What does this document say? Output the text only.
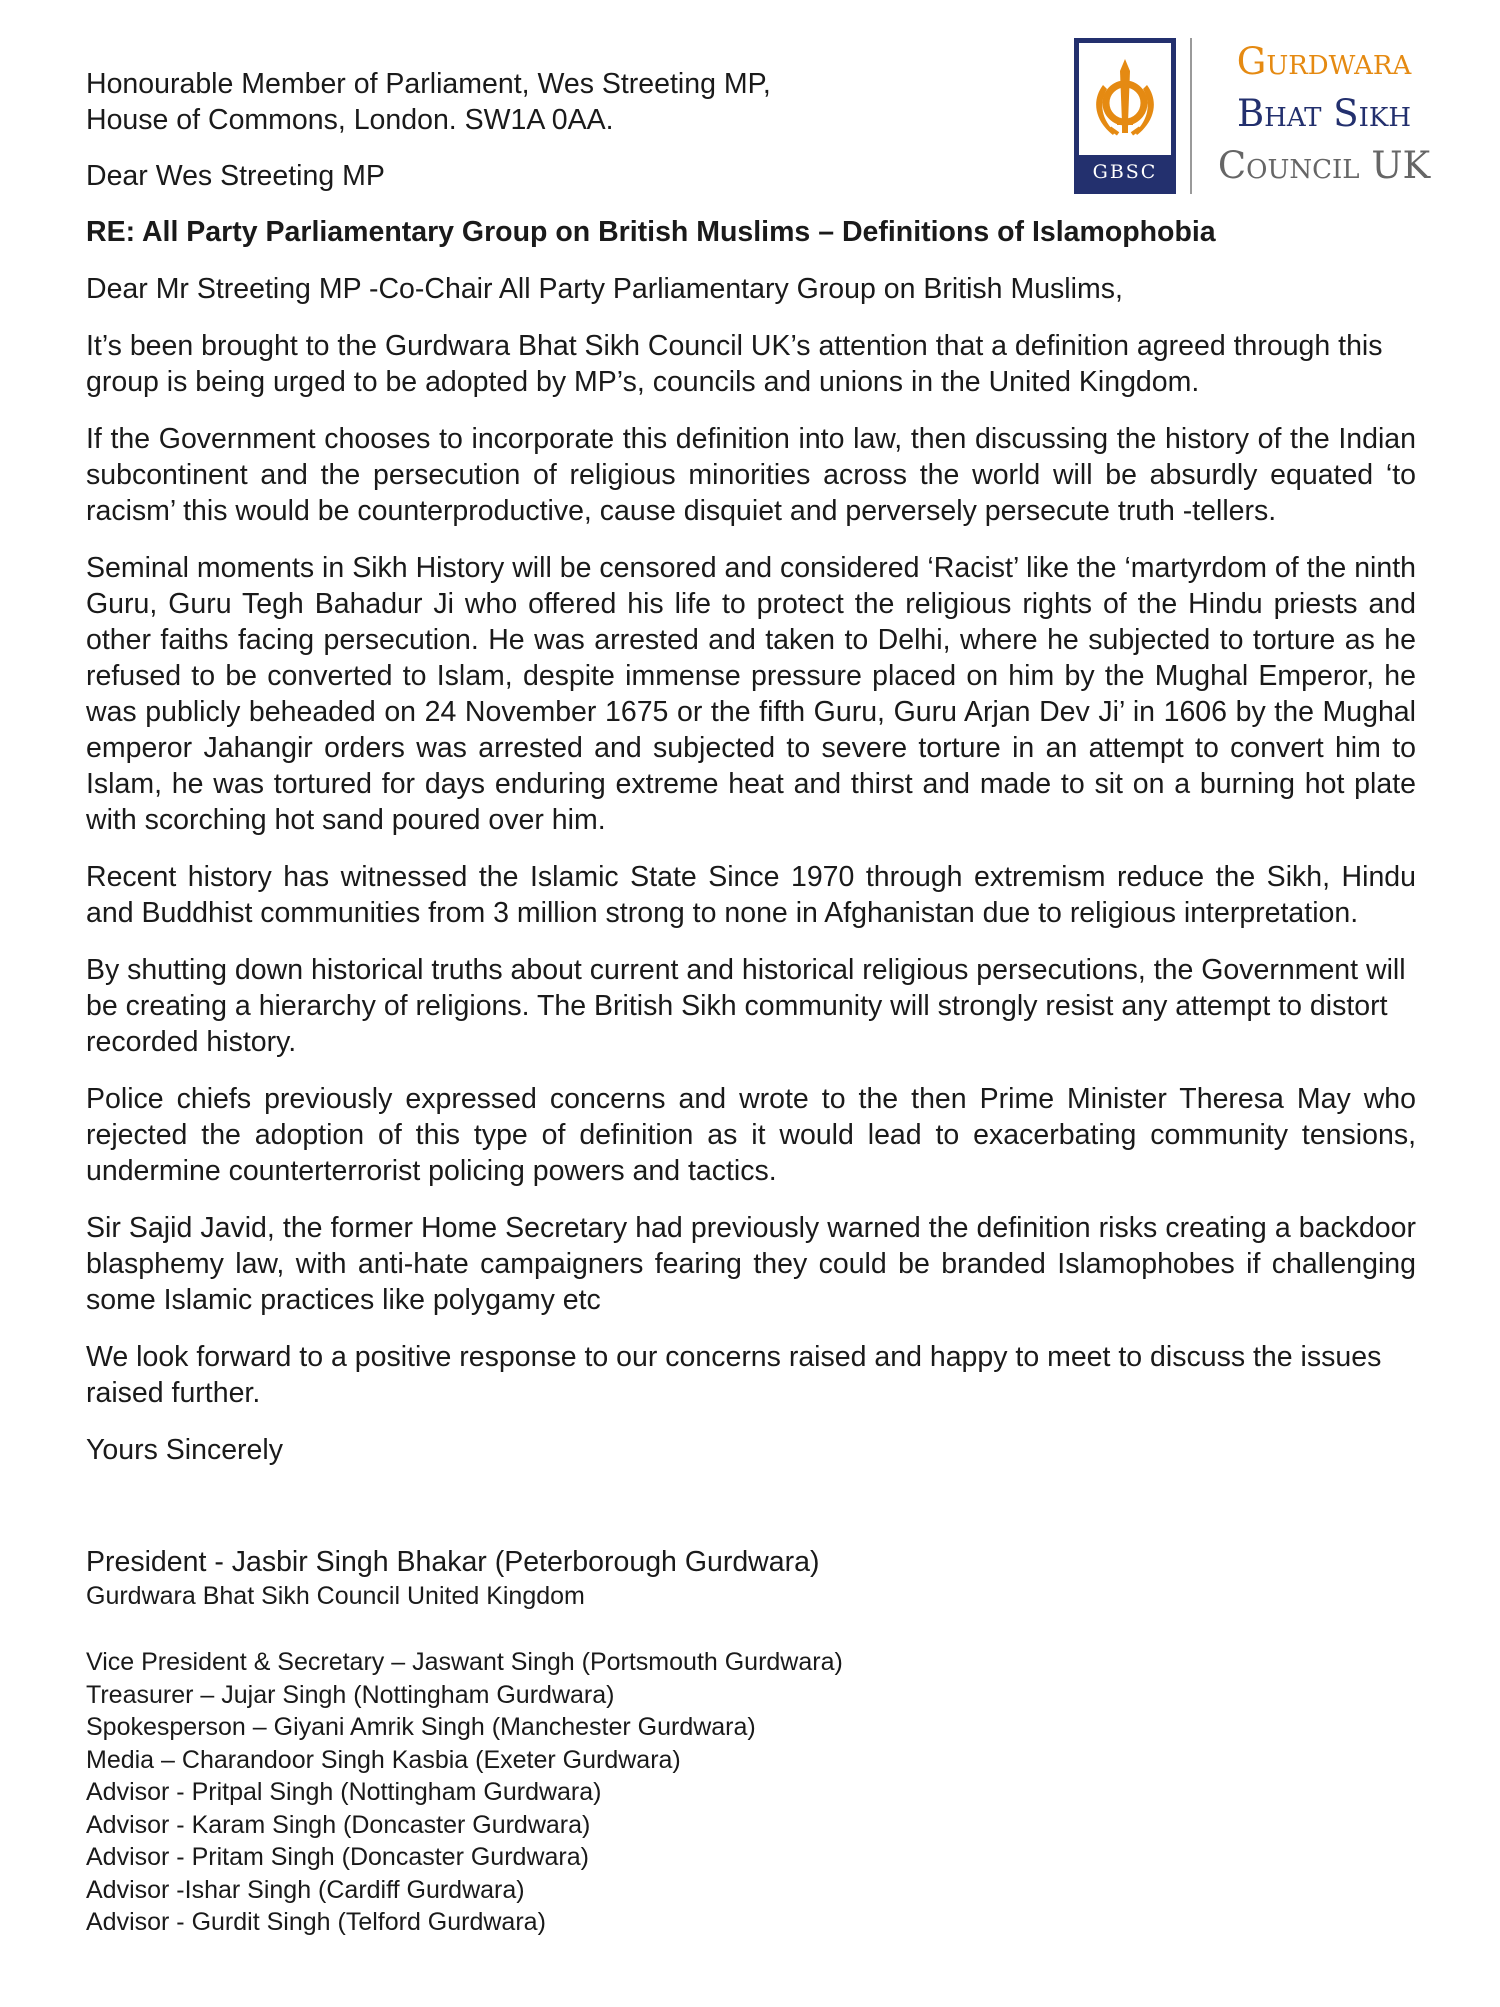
GBSC
Gurdwara
Bhat Sikh
Council UK

Honourable Member of Parliament, Wes Streeting MP,

House of Commons, London. SW1A 0AA.

Dear Wes Streeting MP

RE: All Party Parliamentary Group on British Muslims – Definitions of Islamophobia

Dear Mr Streeting MP -Co-Chair All Party Parliamentary Group on British Muslims,

It’s been brought to the Gurdwara Bhat Sikh Council UK’s attention that a definition agreed through this group is being urged to be adopted by MP’s, councils and unions in the United Kingdom.

If the Government chooses to incorporate this definition into law, then discussing the history of the Indian subcontinent and the persecution of religious minorities across the world will be absurdly equated ‘to racism’ this would be counterproductive, cause disquiet and perversely persecute truth -tellers.

Seminal moments in Sikh History will be censored and considered ‘Racist’ like the ‘martyrdom of the ninth Guru, Guru Tegh Bahadur Ji who offered his life to protect the religious rights of the Hindu priests and other faiths facing persecution. He was arrested and taken to Delhi, where he subjected to torture as he refused to be converted to Islam, despite immense pressure placed on him by the Mughal Emperor, he was publicly beheaded on 24 November 1675 or the fifth Guru, Guru Arjan Dev Ji’ in 1606 by the Mughal emperor Jahangir orders was arrested and subjected to severe torture in an attempt to convert him to Islam, he was tortured for days enduring extreme heat and thirst and made to sit on a burning hot plate with scorching hot sand poured over him.

Recent history has witnessed the Islamic State Since 1970 through extremism reduce the Sikh, Hindu and Buddhist communities from 3 million strong to none in Afghanistan due to religious interpretation.

By shutting down historical truths about current and historical religious persecutions, the Government will be creating a hierarchy of religions. The British Sikh community will strongly resist any attempt to distort recorded history.

Police chiefs previously expressed concerns and wrote to the then Prime Minister Theresa May who rejected the adoption of this type of definition as it would lead to exacerbating community tensions, undermine counterterrorist policing powers and tactics.

Sir Sajid Javid, the former Home Secretary had previously warned the definition risks creating a backdoor blasphemy law, with anti-hate campaigners fearing they could be branded Islamophobes if challenging some Islamic practices like polygamy etc

We look forward to a positive response to our concerns raised and happy to meet to discuss the issues raised further.

Yours Sincerely

President - Jasbir Singh Bhakar (Peterborough Gurdwara)

Gurdwara Bhat Sikh Council United Kingdom

Vice President & Secretary – Jaswant Singh (Portsmouth Gurdwara)

Treasurer – Jujar Singh (Nottingham Gurdwara)

Spokesperson – Giyani Amrik Singh (Manchester Gurdwara)

Media – Charandoor Singh Kasbia (Exeter Gurdwara)

Advisor - Pritpal Singh (Nottingham Gurdwara)

Advisor - Karam Singh (Doncaster Gurdwara)

Advisor - Pritam Singh (Doncaster Gurdwara)

Advisor -Ishar Singh (Cardiff Gurdwara)

Advisor - Gurdit Singh (Telford Gurdwara)
